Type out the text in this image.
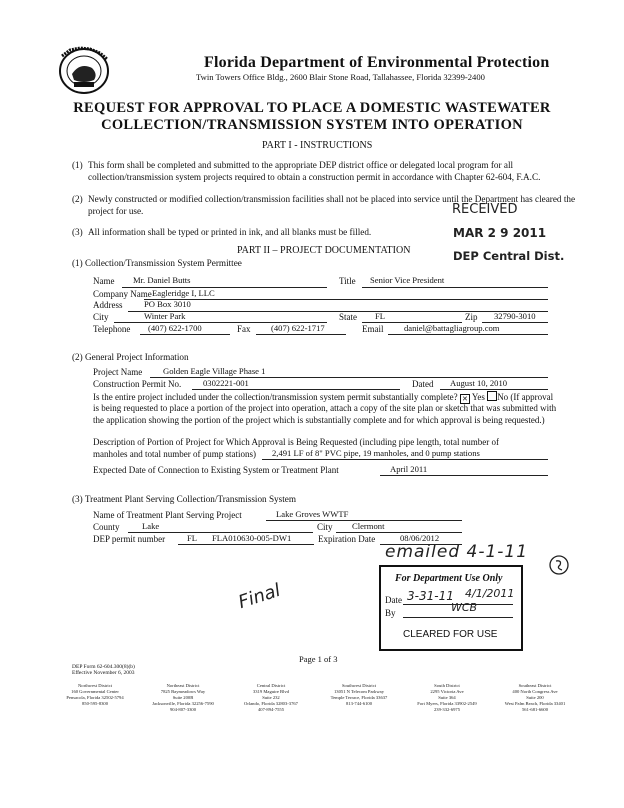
Florida Department of Environmental Protection
Twin Towers Office Bldg., 2600 Blair Stone Road, Tallahassee, Florida 32399-2400
REQUEST FOR APPROVAL TO PLACE A DOMESTIC WASTEWATER
COLLECTION/TRANSMISSION SYSTEM INTO OPERATION
PART I - INSTRUCTIONS
(1) This form shall be completed and submitted to the appropriate DEP district office or delegated local program for all
collection/transmission system projects required to obtain a construction permit in accordance with Chapter 62-604, F.A.C.
(2) Newly constructed or modified collection/transmission facilities shall not be placed into service until the Department has cleared the
project for use.
(3) All information shall be typed or printed in ink, and all blanks must be filled.
RECEIVED
MAR 2 9 2011
DEP Central Dist.
PART II – PROJECT DOCUMENTATION
(1) Collection/Transmission System Permittee
Name Mr. Daniel Butts	Title Senior Vice President
Company Name Eagleridge I, LLC
Address	PO Box 3010
City	Winter Park	State FL	Zip 32790-3010
Telephone (407) 622-1700	Fax (407) 622-1717	Email daniel@battagliagroup.com
(2) General Project Information
Project Name Golden Eagle Village Phase 1
Construction Permit No.	0302221-001	Dated August 10, 2010
Is the entire project included under the collection/transmission system permit substantially complete? ✕ Yes No (If approval
is being requested to place a portion of the project into operation, attach a copy of the site plan or sketch that was submitted with
the application showing the portion of the project which is substantially complete and for which approval is being requested.)
Description of Portion of Project for Which Approval is Being Requested (including pipe length, total number of
manholes and total number of pump stations) 2,491 LF of 8" PVC pipe, 19 manholes, and 0 pump stations
Expected Date of Connection to Existing System or Treatment Plant	April 2011
(3) Treatment Plant Serving Collection/Transmission System
Name of Treatment Plant Serving Project	Lake Groves WWTF
County	Lake	City Clermont
DEP permit number	FL FLA010630-005-DW1	Expiration Date	08/06/2012
emailed 4-1-11
Final
For Department Use Only
Date 3-31-11 4/1/2011
By	WCB
CLEARED FOR USE
DEP Form 62-604.300(8)(b)
Effective November 6, 2003
Page 1 of 3
Northwest District
160 Governmental Center
Pensacola, Florida 32502-5794
850-595-8300
Northeast District
7825 Baymeadows Way
Suite 200B
Jacksonville, Florida 32256-7590
904-807-3300
Central District
3319 Maguire Blvd
Suite 232
Orlando, Florida 32803-3767
407-894-7555
Southwest District
13051 N Telecom Parkway
Temple Terrace, Florida 33637
813-744-6100
South District
2295 Victoria Ave
Suite 364
Fort Myers, Florida 33902-2549
239-332-6975
Southeast District
400 North Congress Ave
Suite 200
West Palm Beach, Florida 33401
561-681-6600
